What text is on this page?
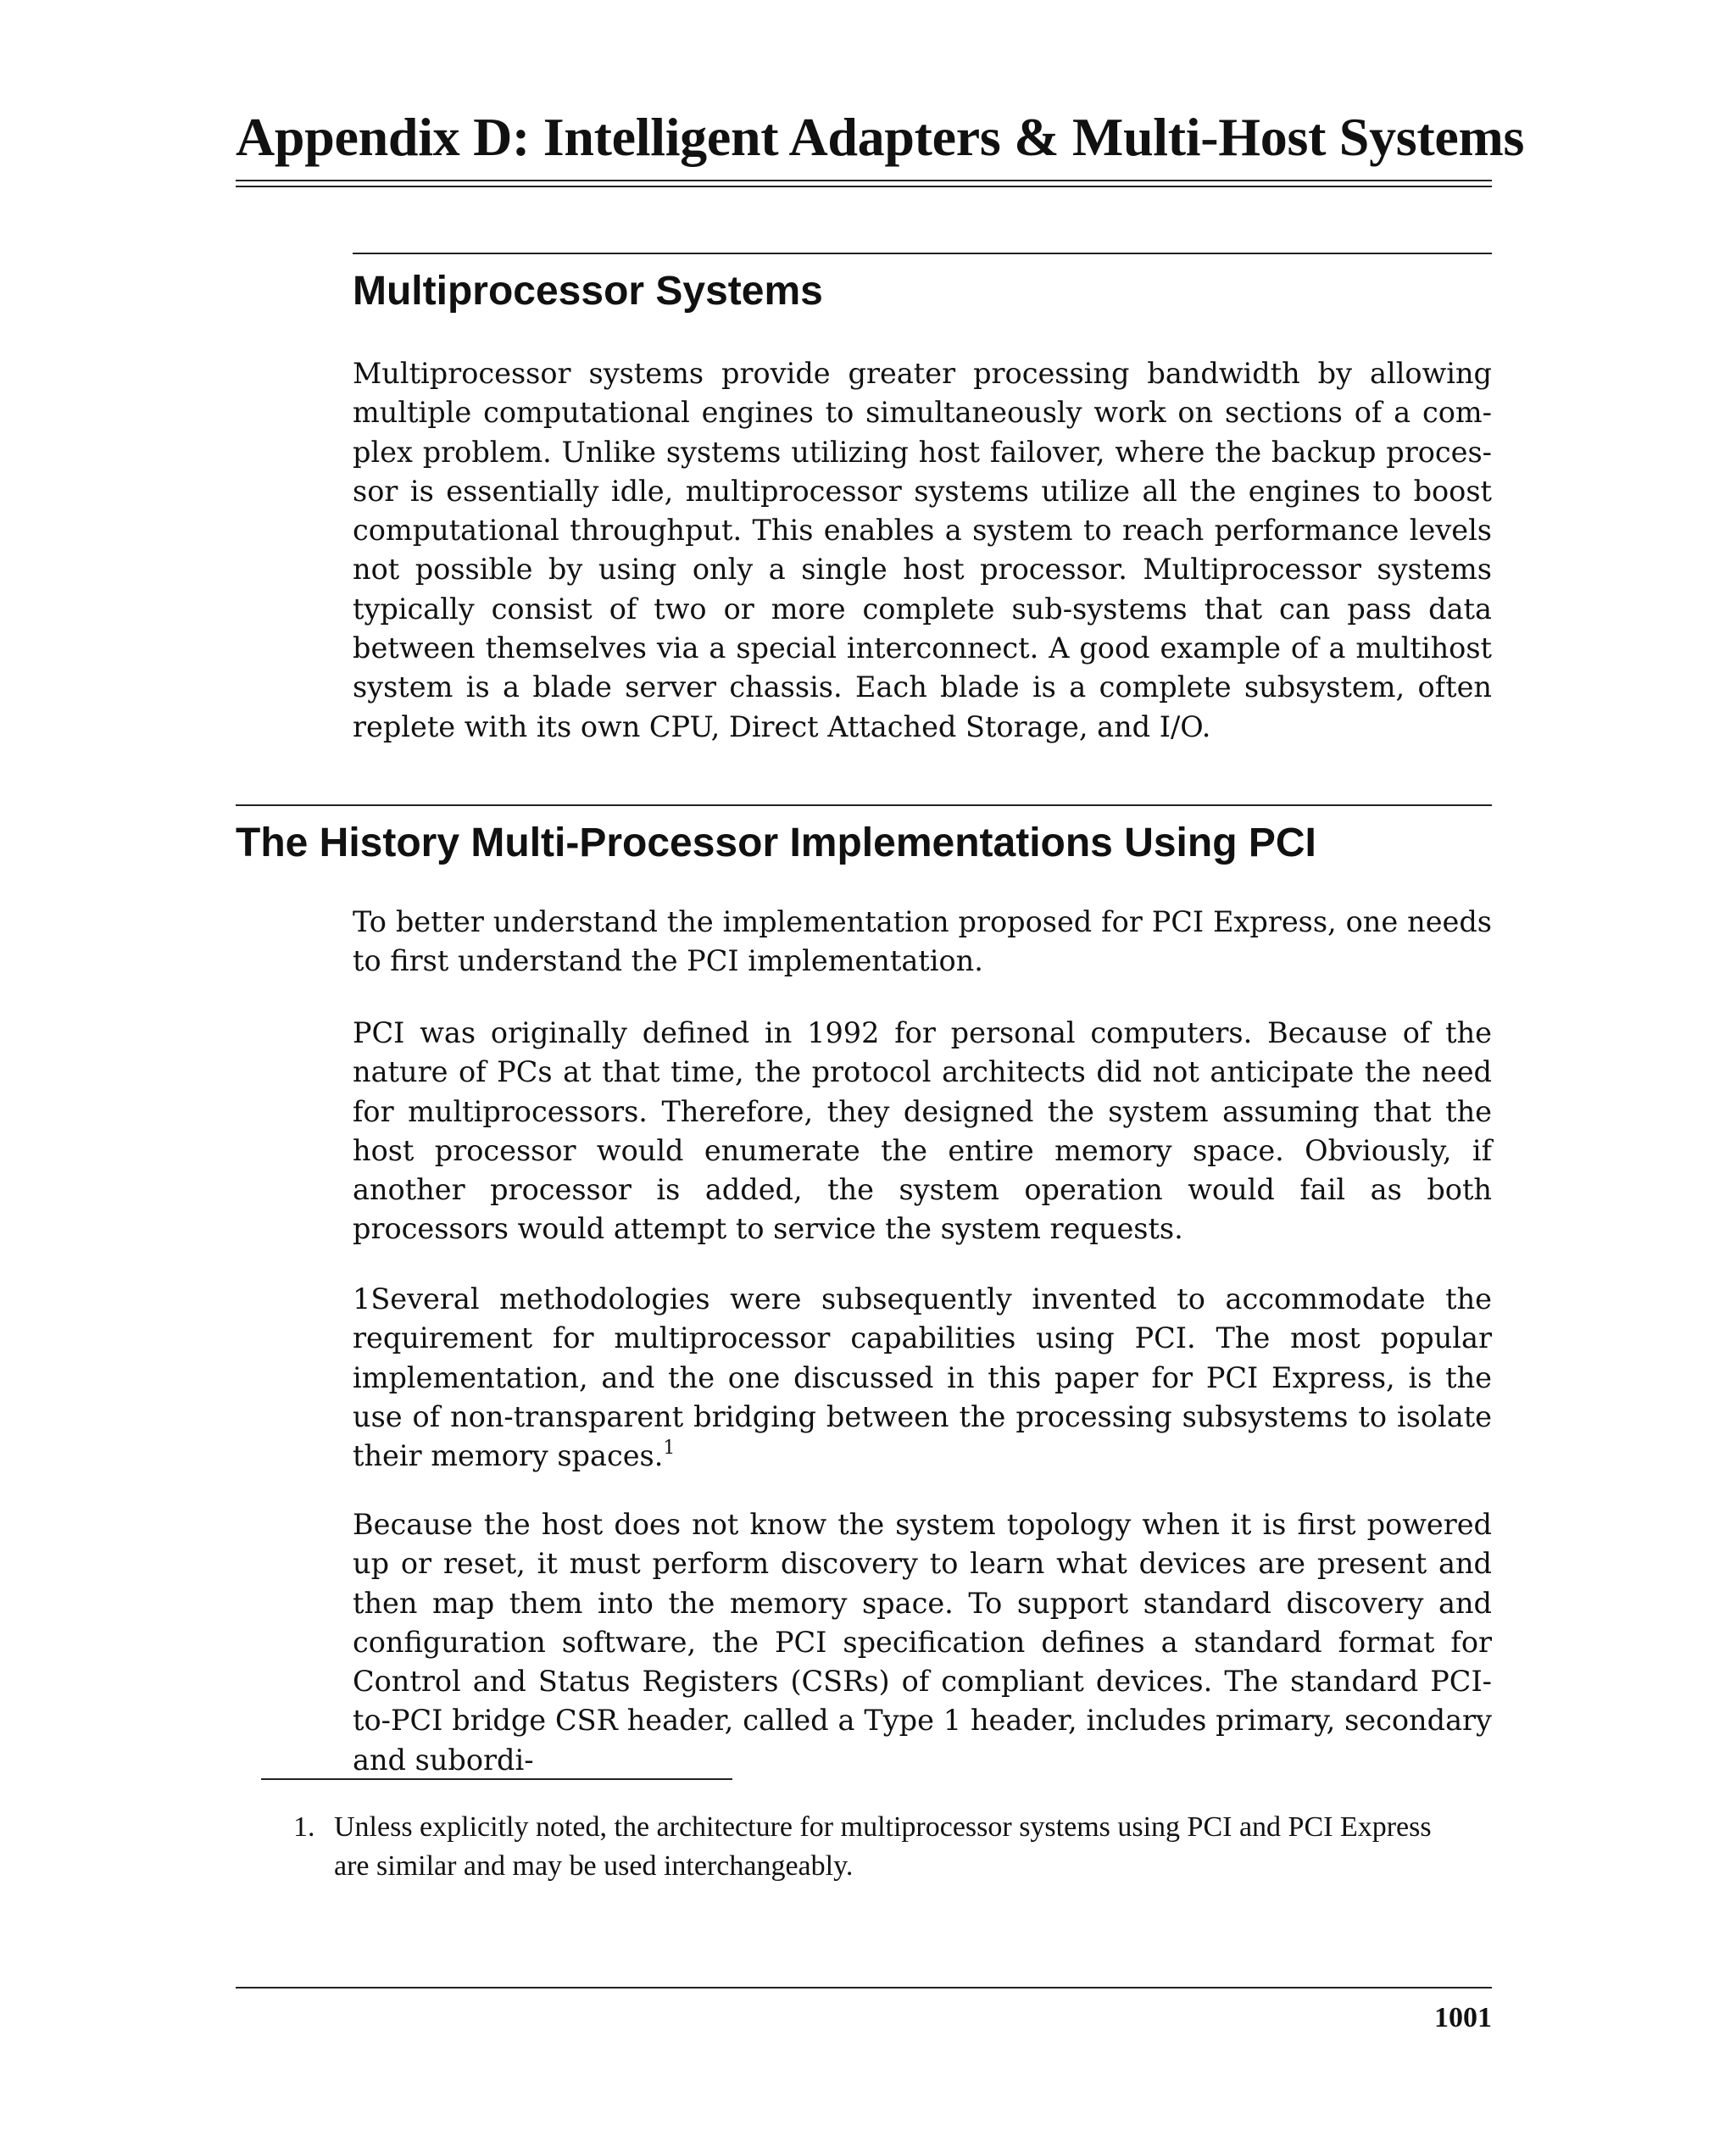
Appendix D: Intelligent Adapters & Multi-Host Systems
Multiprocessor Systems
Multiprocessor systems provide greater processing bandwidth by allowing multiple computational engines to simultaneously work on sections of a complex problem. Unlike systems utilizing host failover, where the backup processor is essentially idle, multiprocessor systems utilize all the engines to boost computational throughput. This enables a system to reach performance levels not possible by using only a single host processor. Multiprocessor systems typically consist of two or more complete sub-systems that can pass data between themselves via a special interconnect. A good example of a multihost system is a blade server chassis. Each blade is a complete subsystem, often replete with its own CPU, Direct Attached Storage, and I/O.
The History Multi-Processor Implementations Using PCI
To better understand the implementation proposed for PCI Express, one needs to first understand the PCI implementation.
PCI was originally defined in 1992 for personal computers. Because of the nature of PCs at that time, the protocol architects did not anticipate the need for multiprocessors. Therefore, they designed the system assuming that the host processor would enumerate the entire memory space. Obviously, if another processor is added, the system operation would fail as both processors would attempt to service the system requests.
1Several methodologies were subsequently invented to accommodate the requirement for multiprocessor capabilities using PCI. The most popular implementation, and the one discussed in this paper for PCI Express, is the use of non-transparent bridging between the processing subsystems to isolate their memory spaces.$^1$
Because the host does not know the system topology when it is first powered up or reset, it must perform discovery to learn what devices are present and then map them into the memory space. To support standard discovery and configuration software, the PCI specification defines a standard format for Control and Status Registers (CSRs) of compliant devices. The standard PCI-to-PCI bridge CSR header, called a Type 1 header, includes primary, secondary and subordi-
1. Unless explicitly noted, the architecture for multiprocessor systems using PCI and PCI Express are similar and may be used interchangeably.
1001
